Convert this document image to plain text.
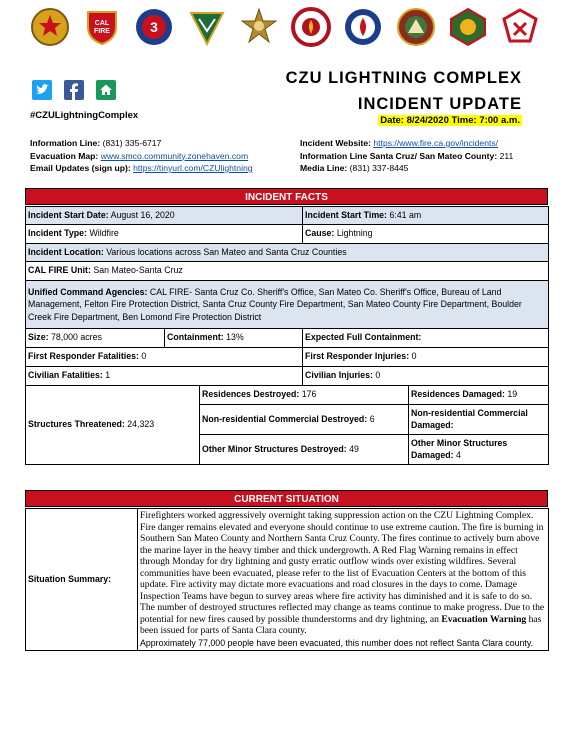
CAL
FIRE	3
#CZULightningComplex
CZU LIGHTNING COMPLEX
INCIDENT UPDATE
Date: 8/24/2020 Time: 7:00 a.m.
Information Line: (831) 335-6717
Evacuation Map: www.smco.community.zonehaven.com
Email Updates (sign up): https://tinyurl.com/CZUlightning
Incident Website: https://www.fire.ca.gov/incidents/
Information Line Santa Cruz/ San Mateo County: 211
Media Line: (831) 337-8445
INCIDENT FACTS
Incident Start Date: August 16, 2020			Incident Start Time: 6:41 am	
Incident Type: Wildfire			Cause: Lightning	
Incident Location: Various locations across San Mateo and Santa Cruz Counties				
CAL FIRE Unit: San Mateo-Santa Cruz				
Unified Command Agencies: CAL FIRE- Santa Cruz Co. Sheriff's Office, San Mateo Co. Sheriff's Office, Bureau of Land Management, Felton Fire Protection District, Santa Cruz County Fire Department, San Mateo County Fire Department, Boulder Creek Fire Department, Ben Lomond Fire Protection District				
Size: 78,000 acres	Containment: 13%		Expected Full Containment:	
First Responder Fatalities: 0			First Responder Injuries: 0	
Civilian Fatalities: 1			Civilian Injuries: 0	
Structures Threatened: 24,323		Residences Destroyed: 176		Residences Damaged: 19
		Non-residential Commercial Destroyed: 6		Non-residential Commercial Damaged:
		Other Minor Structures Destroyed: 49		Other Minor Structures Damaged: 4
CURRENT SITUATION
Situation Summary:	

Firefighters worked aggressively overnight taking suppression action on the CZU Lightning Complex. Fire danger remains elevated and everyone should continue to use extreme caution. The fire is burning in Southern San Mateo County and Northern Santa Cruz County. The fires continue to actively burn above the marine layer in the heavy timber and thick undergrowth. A Red Flag Warning remains in effect through Monday for dry lightning and gusty erratic outflow winds over existing wildfires. Several communities have been evacuated, please refer to the list of Evacuation Centers at the bottom of this update. Fire activity may dictate more evacuations and road closures in the days to come. Damage Inspection Teams have begun to survey areas where fire activity has diminished and it is safe to do so. The number of destroyed structures reflected may change as teams continue to make progress. Due to the potential for new fires caused by possible thunderstorms and dry lightning, an Evacuation Warning has been issued for parts of Santa Clara county.

Approximately 77,000 people have been evacuated, this number does not reflect Santa Clara county.
